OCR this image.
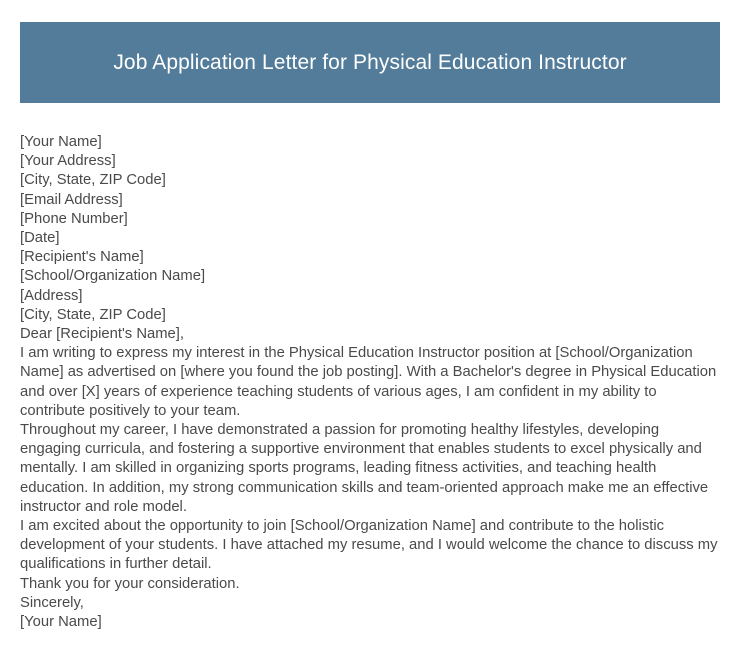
Job Application Letter for Physical Education Instructor
[Your Name]
[Your Address]
[City, State, ZIP Code]
[Email Address]
[Phone Number]
[Date]
[Recipient's Name]
[School/Organization Name]
[Address]
[City, State, ZIP Code]
Dear [Recipient's Name],
I am writing to express my interest in the Physical Education Instructor position at [School/Organization Name] as advertised on [where you found the job posting]. With a Bachelor's degree in Physical Education and over [X] years of experience teaching students of various ages, I am confident in my ability to contribute positively to your team.
Throughout my career, I have demonstrated a passion for promoting healthy lifestyles, developing engaging curricula, and fostering a supportive environment that enables students to excel physically and mentally. I am skilled in organizing sports programs, leading fitness activities, and teaching health education. In addition, my strong communication skills and team-oriented approach make me an effective instructor and role model.
I am excited about the opportunity to join [School/Organization Name] and contribute to the holistic development of your students. I have attached my resume, and I would welcome the chance to discuss my qualifications in further detail.
Thank you for your consideration.
Sincerely,
[Your Name]
